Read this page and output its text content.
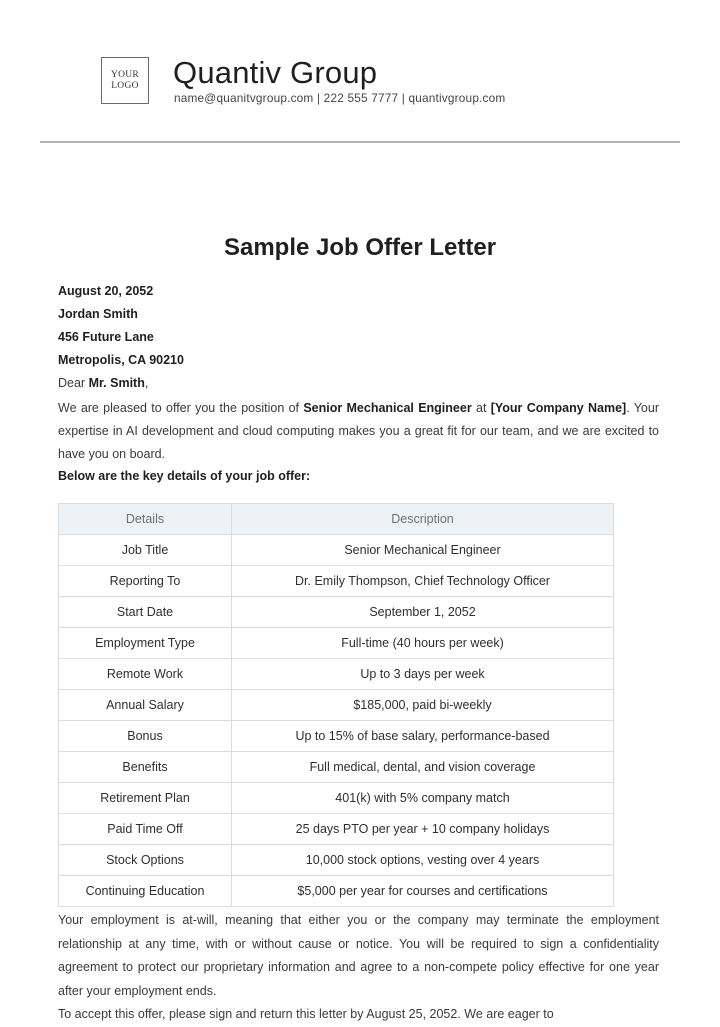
YOUR
LOGO Quantiv Group
name@quanitvgroup.com | 222 555 7777 | quantivgroup.com
Sample Job Offer Letter
August 20, 2052
Jordan Smith
456 Future Lane
Metropolis, CA 90210
Dear Mr. Smith,
We are pleased to offer you the position of Senior Mechanical Engineer at [Your Company Name]. Your expertise in AI development and cloud computing makes you a great fit for our team, and we are excited to have you on board.
Below are the key details of your job offer:
Details	Description
Job Title	Senior Mechanical Engineer
Reporting To	Dr. Emily Thompson, Chief Technology Officer
Start Date	September 1, 2052
Employment Type	Full-time (40 hours per week)
Remote Work	Up to 3 days per week
Annual Salary	$185,000, paid bi-weekly
Bonus	Up to 15% of base salary, performance-based
Benefits	Full medical, dental, and vision coverage
Retirement Plan	401(k) with 5% company match
Paid Time Off	25 days PTO per year + 10 company holidays
Stock Options	10,000 stock options, vesting over 4 years
Continuing Education	$5,000 per year for courses and certifications
Your employment is at-will, meaning that either you or the company may terminate the employment relationship at any time, with or without cause or notice. You will be required to sign a confidentiality agreement to protect our proprietary information and agree to a non-compete policy effective for one year after your employment ends.
To accept this offer, please sign and return this letter by August 25, 2052. We are eager to
